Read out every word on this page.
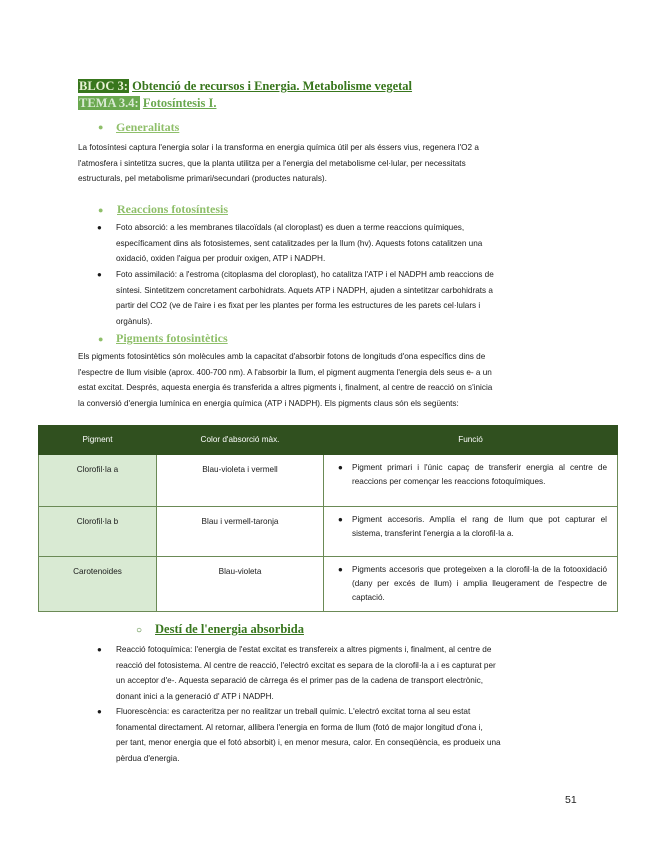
BLOC 3: Obtenció de recursos i Energia. Metabolisme vegetal

TEMA 3.4: Fotosíntesis I.

● Generalitats

La fotosíntesi captura l'energia solar i la transforma en energia química útil per als éssers vius, regenera l'O2 a

l'atmosfera i sintetitza sucres, que la planta utilitza per a l'energia del metabolisme cel·lular, per necessitats

estructurals, pel metabolisme primari/secundari (productes naturals).

● Reaccions fotosíntesis
● Foto absorció: a les membranes tilacoïdals (al cloroplast) es duen a terme reaccions químiques,

específicament dins als fotosistemes, sent catalitzades per la llum (hv). Aquests fotons catalitzen una

oxidació, oxiden l'aigua per produir oxigen, ATP i NADPH.

● Foto assimilació: a l'estroma (citoplasma del cloroplast), ho catalitza l'ATP i el NADPH amb reaccions de

síntesi. Sintetitzem concretament carbohidrats. Aquets ATP i NADPH, ajuden a sintetitzar carbohidrats a

partir del CO2 (ve de l'aire i es fixat per les plantes per forma les estructures de les parets cel·lulars i

orgànuls).

● Pigments fotosintètics

Els pigments fotosintètics són molècules amb la capacitat d'absorbir fotons de longituds d'ona específics dins de

l'espectre de llum visible (aprox. 400-700 nm). A l'absorbir la llum, el pigment augmenta l'energia dels seus e- a un

estat excitat. Després, aquesta energia és transferida a altres pigments i, finalment, al centre de reacció on s'inicia

la conversió d'energia lumínica en energia química (ATP i NADPH). Els pigments claus són els següents:

Pigment	Color d'absorció màx.	Funció
Clorofil·la a	Blau-violeta i vermell	● Pigment primari i l'únic capaç de transferir energia al centre de reaccions per començar les reaccions fotoquímiques.
Clorofil·la b	Blau i vermell-taronja	● Pigment accesoris. Amplía el rang de llum que pot capturar el sistema, transferint l'energia a la clorofil·la a.
Carotenoides	Blau-violeta	● Pigments accesoris que protegeixen a la clorofil·la de la fotooxidació (dany per excés de llum) i amplia lleugerament de l'espectre de captació.
○ Destí de l'energia absorbida
● Reacció fotoquímica: l'energia de l'estat excitat es transfereix a altres pigments i, finalment, al centre de

reacció del fotosistema. Al centre de reacció, l'electró excitat es separa de la clorofil·la a i es capturat per

un acceptor d'e-. Aquesta separació de càrrega és el primer pas de la cadena de transport electrònic,

donant inici a la generació d' ATP i NADPH.

● Fluorescència: es caracteritza per no realitzar un treball químic. L'electró excitat torna al seu estat

fonamental directament. Al retornar, allibera l'energia en forma de llum (fotó de major longitud d'ona i,

per tant, menor energia que el fotó absorbit) i, en menor mesura, calor. En conseqüència, es produeix una

pèrdua d'energia.

51
